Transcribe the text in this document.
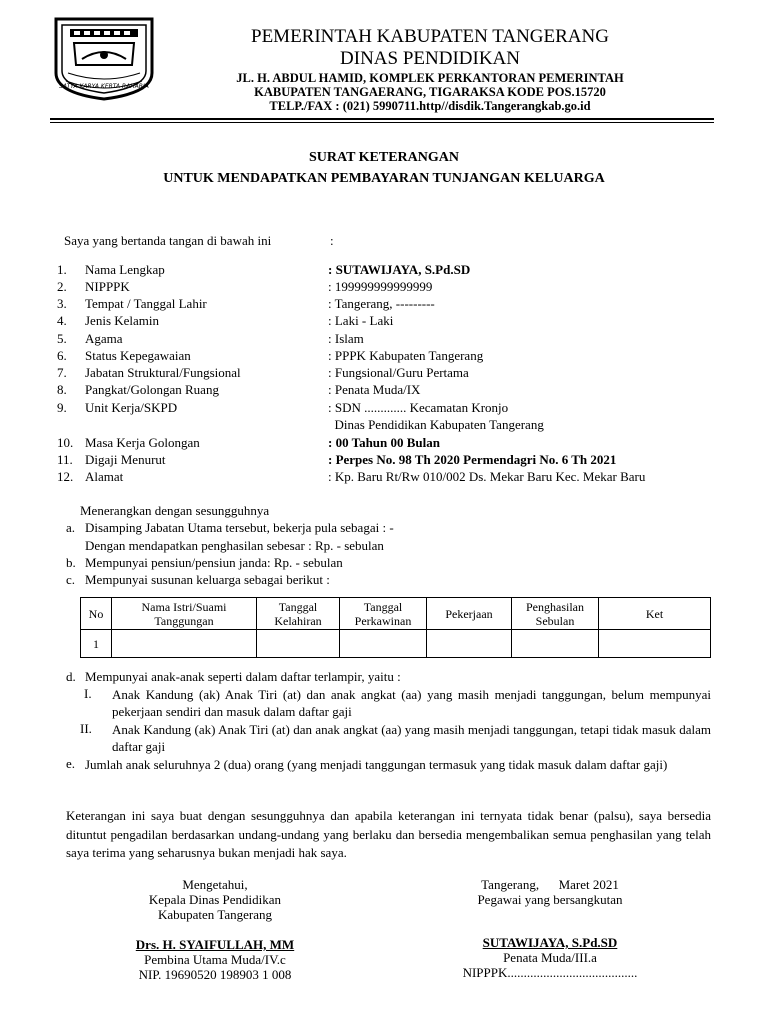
SATYA KARYA KERTA RAHARJA
PEMERINTAH KABUPATEN TANGERANG
DINAS PENDIDIKAN
JL. H. ABDUL HAMID, KOMPLEK PERKANTORAN PEMERINTAH
KABUPATEN TANGAERANG, TIGARAKSA KODE POS.15720
TELP./FAX : (021) 5990711.http//disdik.Tangerangkab.go.id
SURAT KETERANGAN
UNTUK MENDAPATKAN PEMBAYARAN TUNJANGAN KELUARGA
Saya yang bertanda tangan di bawah ini	:
1. Nama Lengkap	: SUTAWIJAYA, S.Pd.SD
2. NIPPPK	: 199999999999999
3. Tempat / Tanggal Lahir	: Tangerang, ---------
4. Jenis Kelamin	: Laki - Laki
5. Agama	: Islam
6. Status Kepegawaian	: PPPK Kabupaten Tangerang
7. Jabatan Struktural/Fungsional	: Fungsional/Guru Pertama
8. Pangkat/Golongan Ruang	: Penata Muda/IX
9. Unit Kerja/SKPD	: SDN ............. Kecamatan Kronjo
Dinas Pendidikan Kabupaten Tangerang
10. Masa Kerja Golongan	: 00 Tahun 00 Bulan
11. Digaji Menurut	: Perpes No. 98 Th 2020 Permendagri No. 6 Th 2021
12. Alamat	: Kp. Baru Rt/Rw 010/002 Ds. Mekar Baru Kec. Mekar Baru
Menerangkan dengan sesungguhnya
a. Disamping Jabatan Utama tersebut, bekerja pula sebagai : -
Dengan mendapatkan penghasilan sebesar : Rp. - sebulan
b. Mempunyai pensiun/pensiun janda: Rp. - sebulan
c. Mempunyai susunan keluarga sebagai berikut :
No	Nama Istri/Suami Tanggungan	Tanggal Kelahiran	Tanggal Perkawinan	Pekerjaan	Penghasilan Sebulan	Ket
1						
d. Mempunyai anak-anak seperti dalam daftar terlampir, yaitu :
I. Anak Kandung (ak) Anak Tiri (at) dan anak angkat (aa) yang masih menjadi tanggungan, belum mempunyai pekerjaan sendiri dan masuk dalam daftar gaji
II. Anak Kandung (ak) Anak Tiri (at) dan anak angkat (aa) yang masih menjadi tanggungan, tetapi tidak masuk dalam daftar gaji
e. Jumlah anak seluruhnya 2 (dua) orang (yang menjadi tanggungan termasuk yang tidak masuk dalam daftar gaji)
Keterangan ini saya buat dengan sesungguhnya dan apabila keterangan ini ternyata tidak benar (palsu), saya bersedia dituntut pengadilan berdasarkan undang-undang yang berlaku dan bersedia mengembalikan semua penghasilan yang telah saya terima yang seharusnya bukan menjadi hak saya.
Mengetahui,
Kepala Dinas Pendidikan
Kabupaten Tangerang
Drs. H. SYAIFULLAH, MM
Pembina Utama Muda/IV.c
NIP. 19690520 198903 1 008
Tangerang,      Maret 2021
Pegawai yang bersangkutan
SUTAWIJAYA, S.Pd.SD
Penata Muda/III.a
NIPPPK........................................
